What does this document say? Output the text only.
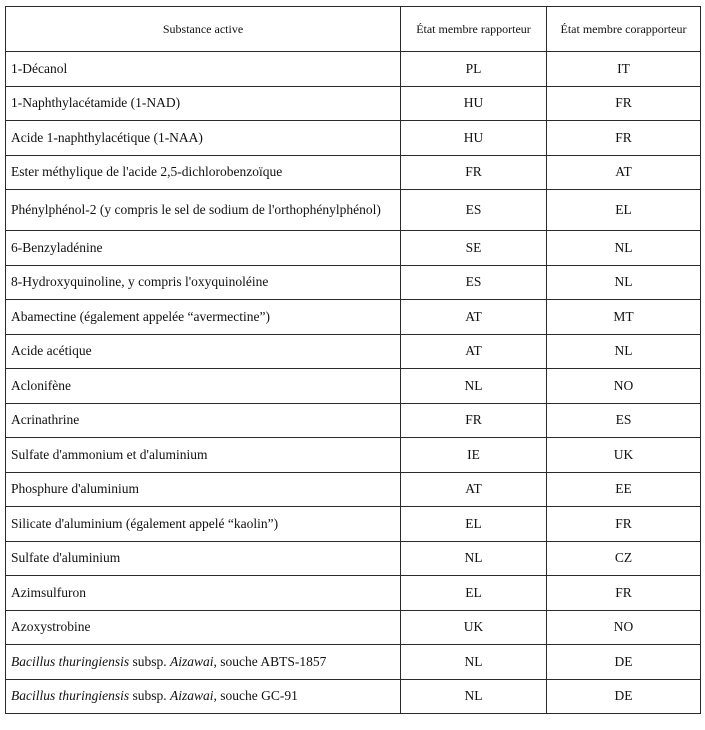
Substance active	État membre rapporteur	État membre corapporteur
1-Décanol	PL	IT
1-Naphthylacétamide (1-NAD)	HU	FR
Acide 1-naphthylacétique (1-NAA)	HU	FR
Ester méthylique de l'acide 2,5-dichlorobenzoïque	FR	AT
Phénylphénol-2 (y compris le sel de sodium de l'orthophénylphénol)	ES	EL
6-Benzyladénine	SE	NL
8-Hydroxyquinoline, y compris l'oxyquinoléine	ES	NL
Abamectine (également appelée “avermectine”)	AT	MT
Acide acétique	AT	NL
Aclonifène	NL	NO
Acrinathrine	FR	ES
Sulfate d'ammonium et d'aluminium	IE	UK
Phosphure d'aluminium	AT	EE
Silicate d'aluminium (également appelé “kaolin”)	EL	FR
Sulfate d'aluminium	NL	CZ
Azimsulfuron	EL	FR
Azoxystrobine	UK	NO
Bacillus thuringiensis subsp. Aizawai, souche ABTS-1857	NL	DE
Bacillus thuringiensis subsp. Aizawai, souche GC-91	NL	DE
